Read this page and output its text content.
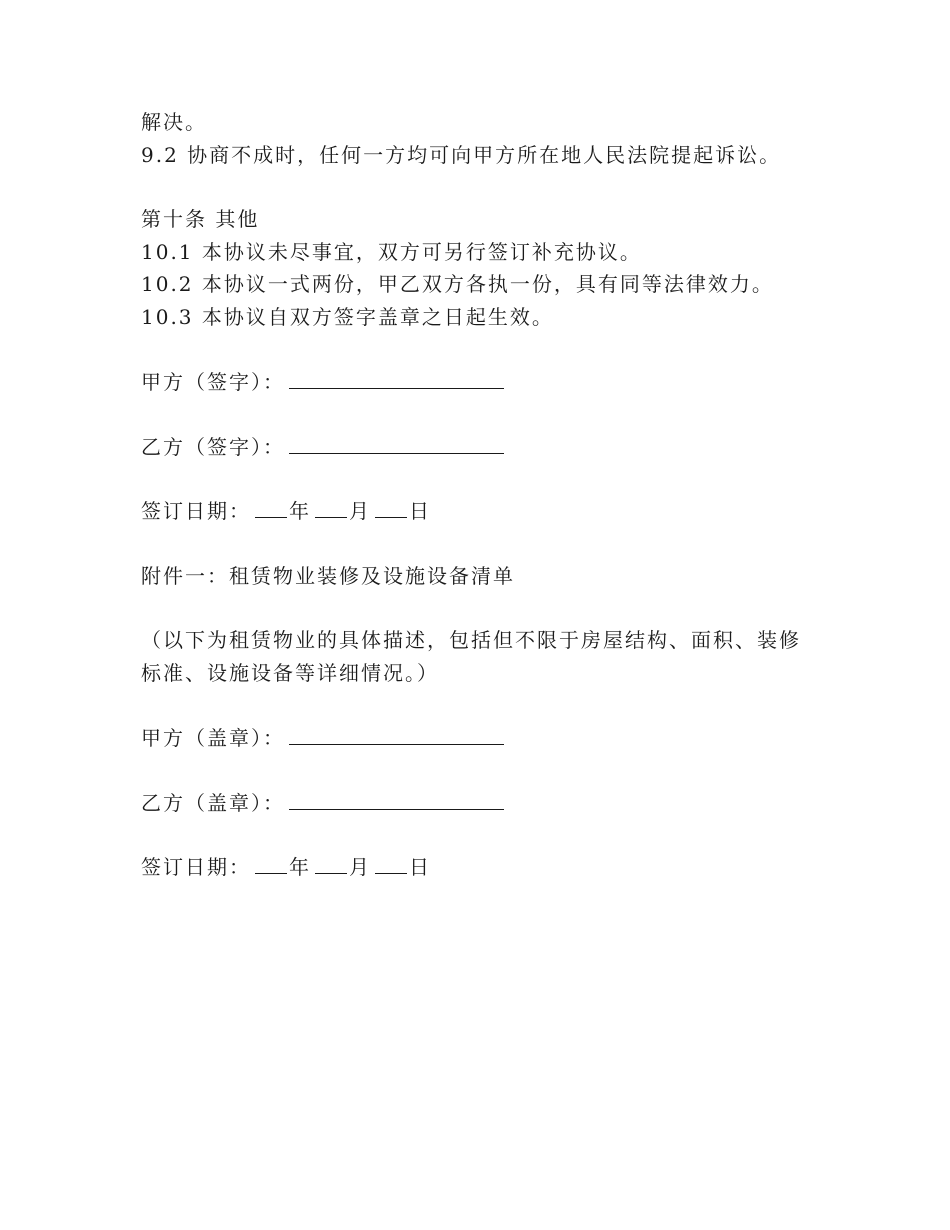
解决。
9.2 协商不成时，任何一方均可向甲方所在地人民法院提起诉讼。
第十条 其他
10.1 本协议未尽事宜，双方可另行签订补充协议。
10.2 本协议一式两份，甲乙双方各执一份，具有同等法律效力。
10.3 本协议自双方签字盖章之日起生效。
甲方（签字）：
乙方（签字）：
签订日期： 年 月 日
附件一：租赁物业装修及设施设备清单
（以下为租赁物业的具体描述，包括但不限于房屋结构、面积、装修
标准、设施设备等详细情况。）
甲方（盖章）：
乙方（盖章）：
签订日期： 年 月 日
